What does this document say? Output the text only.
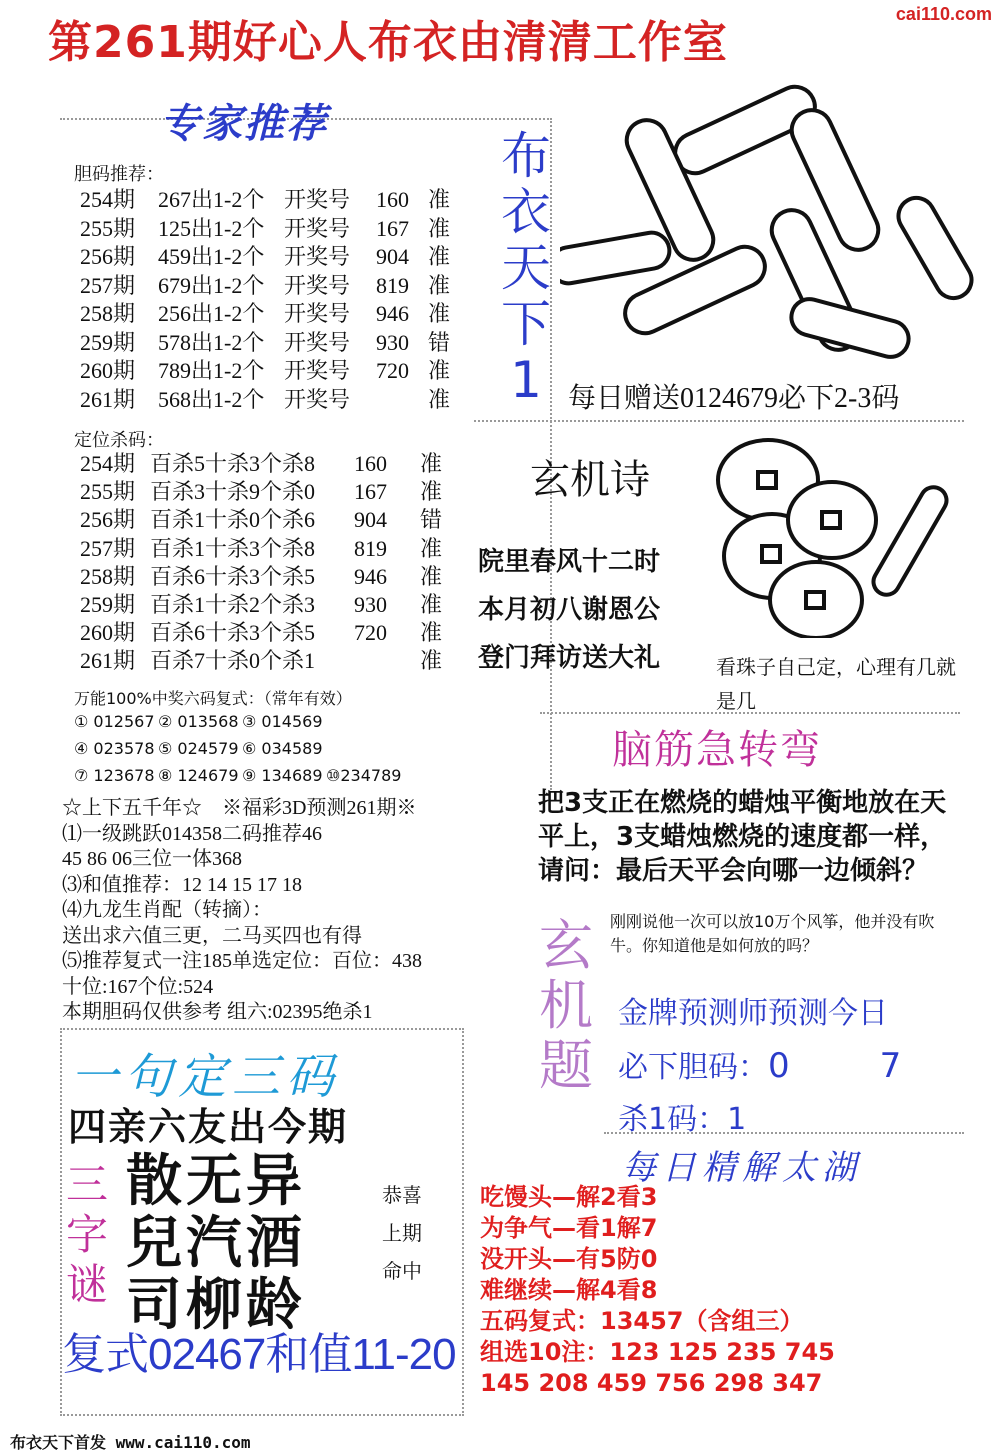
第261期好心人布衣由清清工作室
cai110.com
专家推荐
胆码推荐：
254期 267出1-2个 开奖号 160 准
255期 125出1-2个 开奖号 167 准
256期 459出1-2个 开奖号 904 准
257期 679出1-2个 开奖号 819 准
258期 256出1-2个 开奖号 946 准
259期 578出1-2个 开奖号 930 错
260期 789出1-2个 开奖号 720 准
261期 568出1-2个 开奖号	准
定位杀码：
254期 百杀5十杀3个杀8 160 准
255期 百杀3十杀9个杀0 167 准
256期 百杀1十杀0个杀6 904 错
257期 百杀1十杀3个杀8 819 准
258期 百杀6十杀3个杀5 946 准
259期 百杀1十杀2个杀3 930 准
260期 百杀6十杀3个杀5 720 准
261期 百杀7十杀0个杀1	准
万能100%中奖六码复式：（常年有效）
① 012567 ② 013568 ③ 014569
④ 023578 ⑤ 024579 ⑥ 034589
⑦ 123678 ⑧ 124679 ⑨ 134689 ⑩234789
布
衣
天
下
1 每日赠送0124679必下2-3码
玄机诗
院里春风十二时
本月初八谢恩公
登门拜访送大礼	看珠子自己定，心理有几就是几
脑筋急转弯
把3支正在燃烧的蜡烛平衡地放在天平上，3支蜡烛燃烧的速度都一样，请问：最后天平会向哪一边倾斜？
☆上下五千年☆　※福彩3D预测261期※
⑴一级跳跃014358二码推荐46
45 86 06三位一体368
⑶和值推荐：12 14 15 17 18
⑷九龙生肖配（转摘）：
送出求六值三更，二马买四也有得
⑸推荐复式一注185单选定位：百位：438
十位:167个位:524
本期胆码仅供参考 组六:02395绝杀1
一句定三码
四亲六友出今期
三
字
谜
散无异
兒汽酒
司柳龄
恭喜
上期
命中
复式02467和值11-20
玄
机
题
刚刚说他一次可以放10万个风筝，他并没有吹牛。你知道他是如何放的吗？
金牌预测师预测今日
必下胆码：0	7
杀1码：1
每日精解太湖
吃馒头—解2看3
为争气—看1解7
没开头—有5防0
难继续—解4看8
五码复式：13457（含组三）
组选10注：123 125 235 745
145 208 459 756 298 347
布衣天下首发 www.cai110.com
